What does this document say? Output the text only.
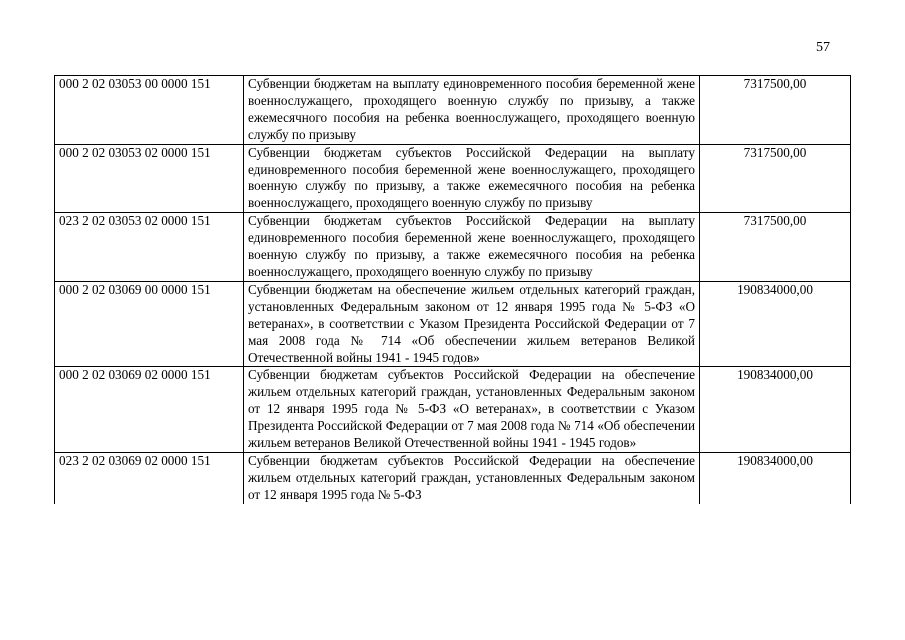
57
000 2 02 03053 00 0000 151	Субвенции бюджетам на выплату единовременного пособия беременной жене военнослужащего, проходящего военную службу по призыву, а также ежемесячного пособия на ребенка военнослужащего, проходящего военную службу по призыву	7317500,00
000 2 02 03053 02 0000 151	Субвенции бюджетам субъектов Российской Федерации на выплату единовременного пособия беременной жене военнослужащего, проходящего военную службу по призыву, а также ежемесячного пособия на ребенка военнослужащего, проходящего военную службу по призыву	7317500,00
023 2 02 03053 02 0000 151	Субвенции бюджетам субъектов Российской Федерации на выплату единовременного пособия беременной жене военнослужащего, проходящего военную службу по призыву, а также ежемесячного пособия на ребенка военнослужащего, проходящего военную службу по призыву	7317500,00
000 2 02 03069 00 0000 151	Субвенции бюджетам на обеспечение жильем отдельных категорий граждан, установленных Федеральным законом от 12 января 1995 года № 5-ФЗ «О ветеранах», в соответствии с Указом Президента Российской Федерации от 7 мая 2008 года № 714 «Об обеспечении жильем ветеранов Великой Отечественной войны 1941 - 1945 годов»	190834000,00
000 2 02 03069 02 0000 151	Субвенции бюджетам субъектов Российской Федерации на обеспечение жильем отдельных категорий граждан, установленных Федеральным законом от 12 января 1995 года № 5-ФЗ «О ветеранах», в соответствии с Указом Президента Российской Федерации от 7 мая 2008 года № 714 «Об обеспечении жильем ветеранов Великой Отечественной войны 1941 - 1945 годов»	190834000,00
023 2 02 03069 02 0000 151	Субвенции бюджетам субъектов Российской Федерации на обеспечение жильем отдельных категорий граждан, установленных Федеральным законом от 12 января 1995 года № 5-ФЗ	190834000,00
